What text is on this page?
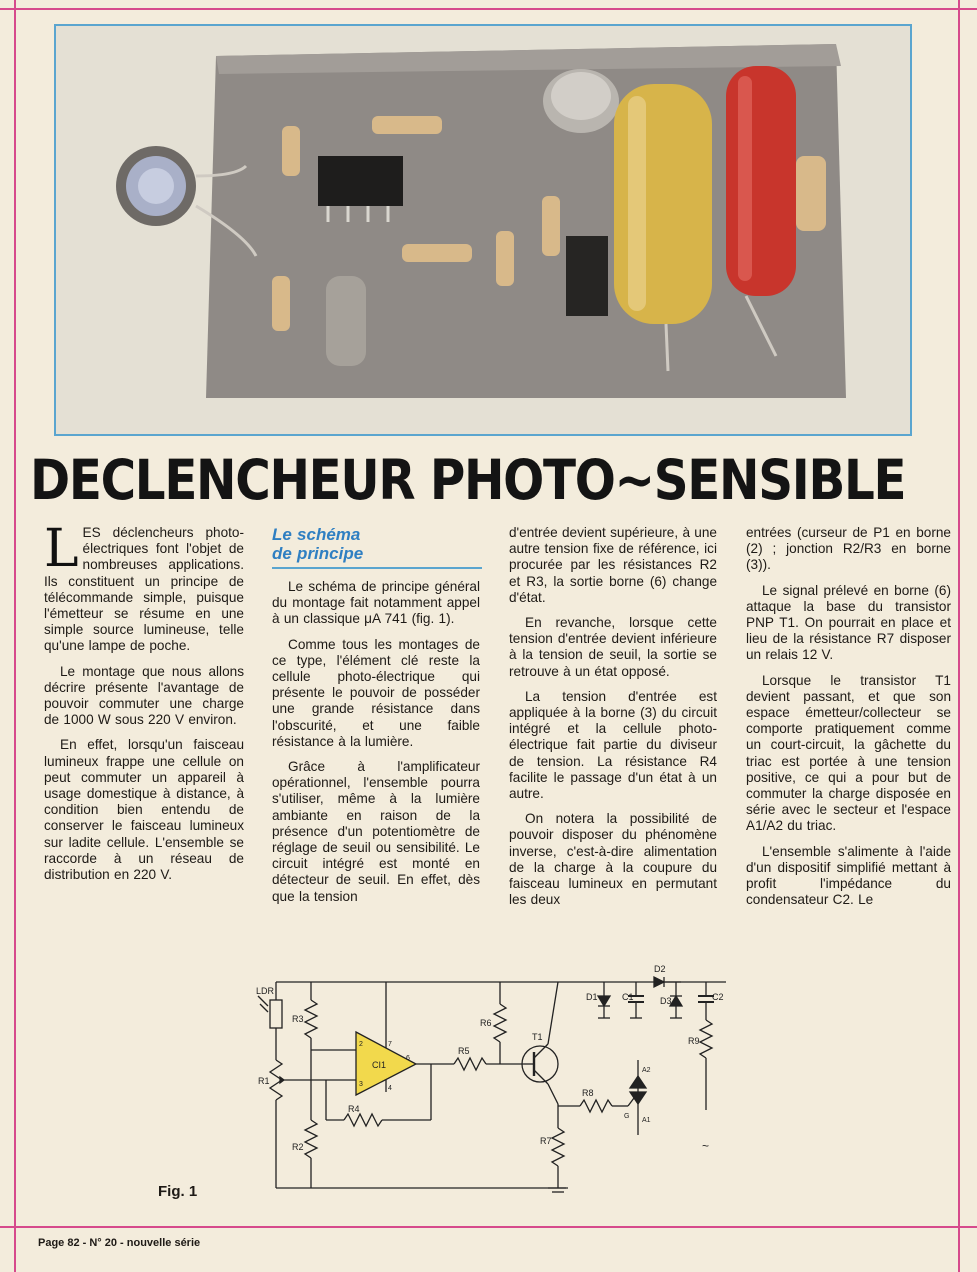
DECLENCHEUR PHOTO~SENSIBLE

LES déclencheurs photo-électriques font l'objet de nombreuses applications. Ils constituent un principe de télécommande simple, puisque l'émetteur se résume en une simple source lumineuse, telle qu'une lampe de poche.

Le montage que nous allons décrire présente l'avantage de pouvoir commuter une charge de 1000 W sous 220 V environ.

En effet, lorsqu'un faisceau lumineux frappe une cellule on peut commuter un appareil à usage domestique à distance, à condition bien entendu de conserver le faisceau lumineux sur ladite cellule. L'ensemble se raccorde à un réseau de distribution en 220 V.

Le schéma
de principe

Le schéma de principe général du montage fait notamment appel à un classique μA 741 (fig. 1).

Comme tous les montages de ce type, l'élément clé reste la cellule photo-électrique qui présente le pouvoir de posséder une grande résistance dans l'obscurité, et une faible résistance à la lumière.

Grâce à l'amplificateur opérationnel, l'ensemble pourra s'utiliser, même à la lumière ambiante en raison de la présence d'un potentiomètre de réglage de seuil ou sensibilité. Le circuit intégré est monté en détecteur de seuil. En effet, dès que la tension

d'entrée devient supérieure, à une autre tension fixe de référence, ici procurée par les résistances R2 et R3, la sortie borne (6) change d'état.

En revanche, lorsque cette tension d'entrée devient inférieure à la tension de seuil, la sortie se retrouve à un état opposé.

La tension d'entrée est appliquée à la borne (3) du circuit intégré et la cellule photo-électrique fait partie du diviseur de tension. La résistance R4 facilite le passage d'un état à un autre.

On notera la possibilité de pouvoir disposer du phénomène inverse, c'est-à-dire alimentation de la charge à la coupure du faisceau lumineux en permutant les deux

entrées (curseur de P1 en borne (2) ; jonction R2/R3 en borne (3)).

Le signal prélevé en borne (6) attaque la base du transistor PNP T1. On pourrait en place et lieu de la résistance R7 disposer un relais 12 V.

Lorsque le transistor T1 devient passant, et que son espace émetteur/collecteur se comporte pratiquement comme un court-circuit, la gâchette du triac est portée à une tension positive, ce qui a pour but de commuter la charge disposée en série avec le secteur et l'espace A1/A2 du triac.

L'ensemble s'alimente à l'aide d'un dispositif simplifié mettant à profit l'impédance du condensateur C2. Le

LDR
R1
R2
R3
R4
R5
R6
R7
R8
R9
T1
CI1
D1
D2
D3
C1	C2
2
3
4
6
7
A1
A2
G
~
Fig. 1
Page 82 - N° 20 - nouvelle série
